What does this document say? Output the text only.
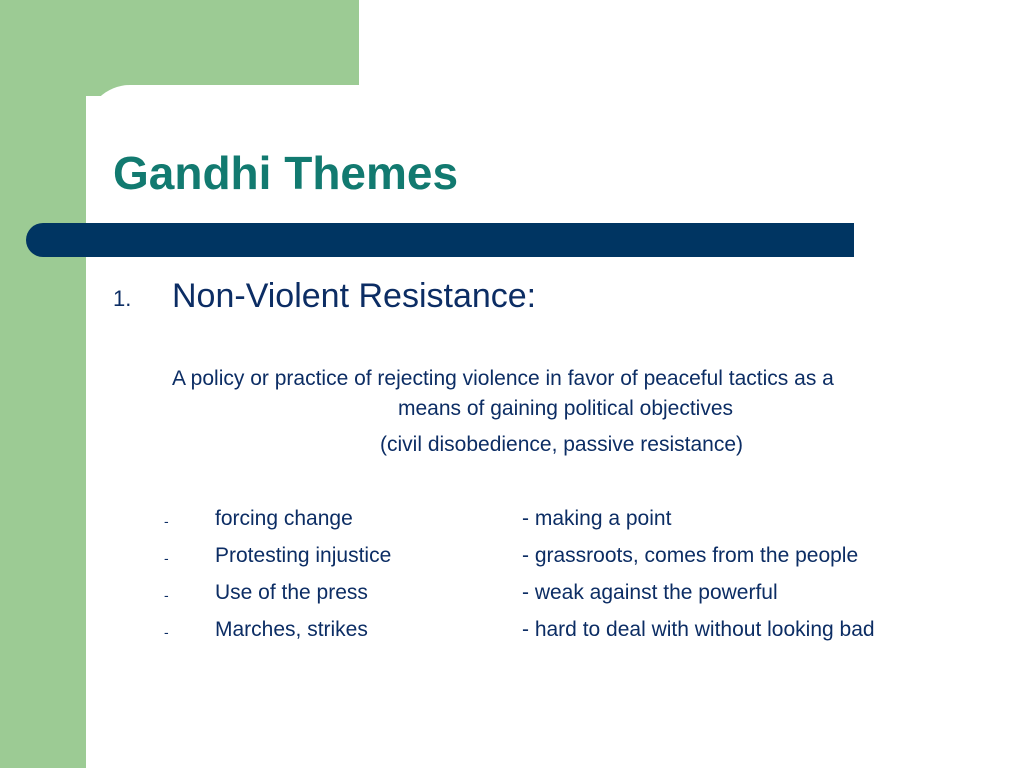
Gandhi Themes
1. Non-Violent Resistance:

A policy or practice of rejecting violence in favor of peaceful tactics as a
means of gaining political objectives
(civil disobedience, passive resistance)

- forcing change	- making a point
- Protesting injustice	- grassroots, comes from the people
- Use of the press	- weak against the powerful
- Marches, strikes	- hard to deal with without looking bad
